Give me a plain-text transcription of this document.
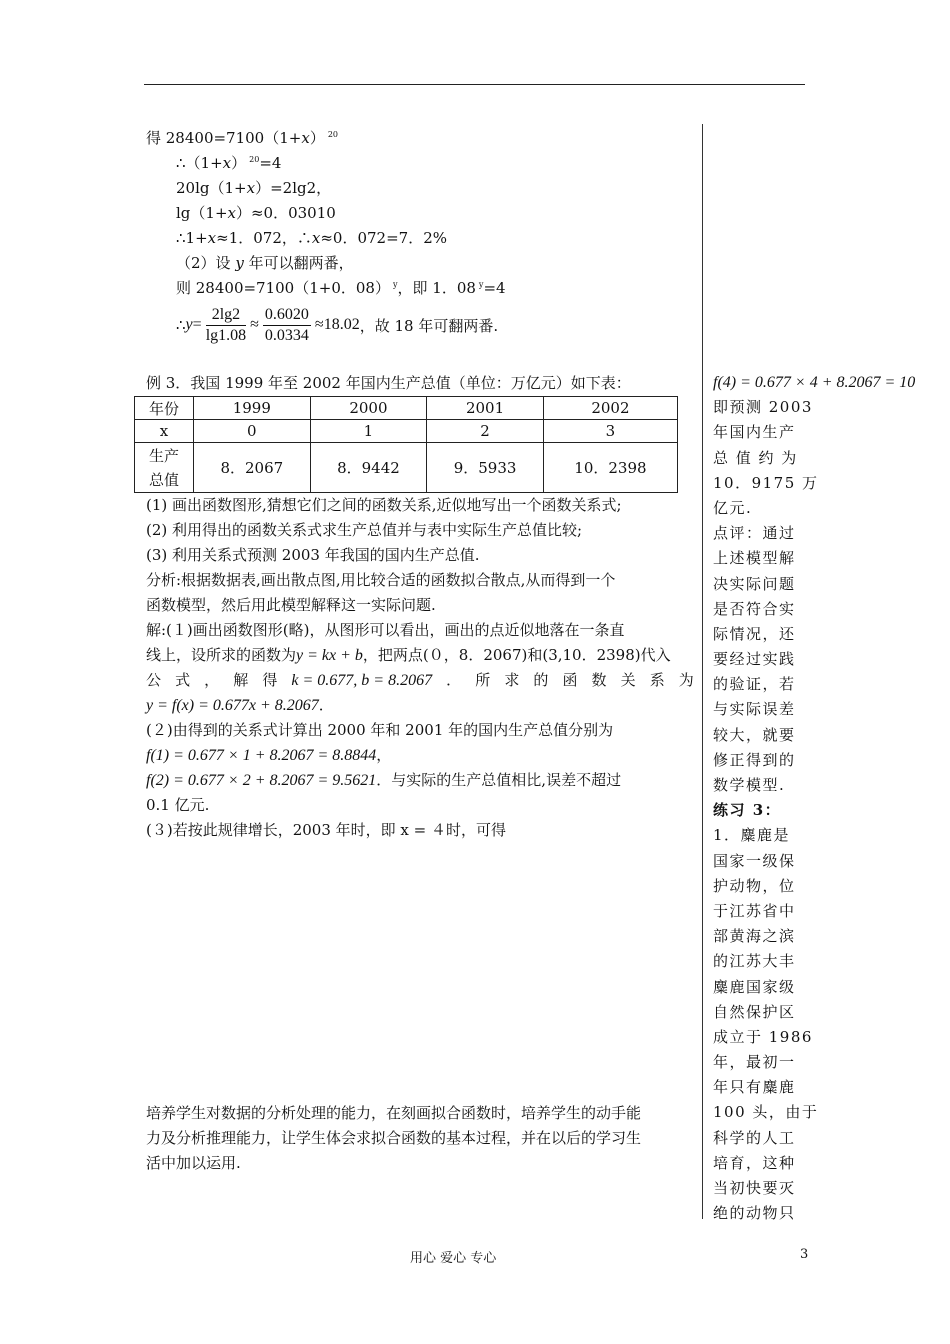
得 28400=7100（1+x） $^{20}$
∴（1+x） $^{20}$=4
20lg（1+x）=2lg2，
lg（1+x）≈0．03010
∴1+x≈1．072，∴x≈0．072=7．2%
（2）设 y 年可以翻两番，
则 28400=7100（1+0．08） $^y$，即 1．08 $^y$=4
∴ $y = \frac{2\lg 2}{\lg 1.08} \approx \frac{0.6020}{0.0334} \approx 18.02$ ，故 18 年可翻两番.
例 3．我国 1999 年至 2002 年国内生产总值（单位：万亿元）如下表：
年份	1999	2000	2001	2002
x	0	1	2	3
生产
总值	8．2067	8．9442	9．5933	10．2398
(1) 画出函数图形,猜想它们之间的函数关系,近似地写出一个函数关系式;
(2) 利用得出的函数关系式求生产总值并与表中实际生产总值比较;
(3) 利用关系式预测 2003 年我国的国内生产总值.
分析:根据数据表,画出散点图,用比较合适的函数拟合散点,从而得到一个
函数模型，然后用此模型解释这一实际问题.
解:(１)画出函数图形(略)，从图形可以看出，画出的点近似地落在一条直
线上，设所求的函数为y = kx + b，把两点(０，8．2067)和(3,10．2398)代入
公 式 ， 解 得 k = 0.677, b = 8.2067 ． 所 求 的 函 数 关 系 为
y = f(x) = 0.677x + 8.2067．
(２)由得到的关系式计算出 2000 年和 2001 年的国内生产总值分别为
f(1) = 0.677 × 1 + 8.2067 = 8.8844，
f(2) = 0.677 × 2 + 8.2067 = 9.5621．与实际的生产总值相比,误差不超过
0.1 亿元.
(３)若按此规律增长，2003 年时，即 x = ４时，可得
培养学生对数据的分析处理的能力，在刻画拟合函数时，培养学生的动手能
力及分析推理能力，让学生体会求拟合函数的基本过程，并在以后的学习生
活中加以运用.
f(4) = 0.677 × 4 + 8.2067 = 10
即预测 2003
年国内生产
总 值 约 为
10．9175 万
亿元.
点评：通过
上述模型解
决实际问题
是否符合实
际情况，还
要经过实践
的验证，若
与实际误差
较大，就要
修正得到的
数学模型.
练习 3：
1．麋鹿是
国家一级保
护动物，位
于江苏省中
部黄海之滨
的江苏大丰
麋鹿国家级
自然保护区
成立于 1986
年，最初一
年只有麋鹿
100 头，由于
科学的人工
培育，这种
当初快要灭
绝的动物只
用心 爱心 专心	3
